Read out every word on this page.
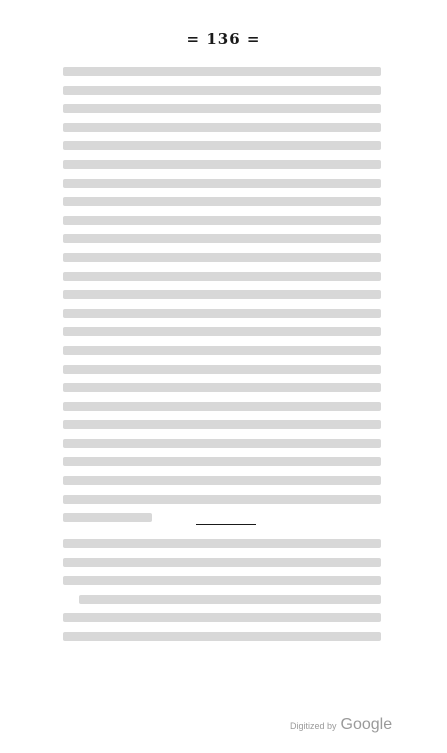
= 136 =
Digitized by Google
